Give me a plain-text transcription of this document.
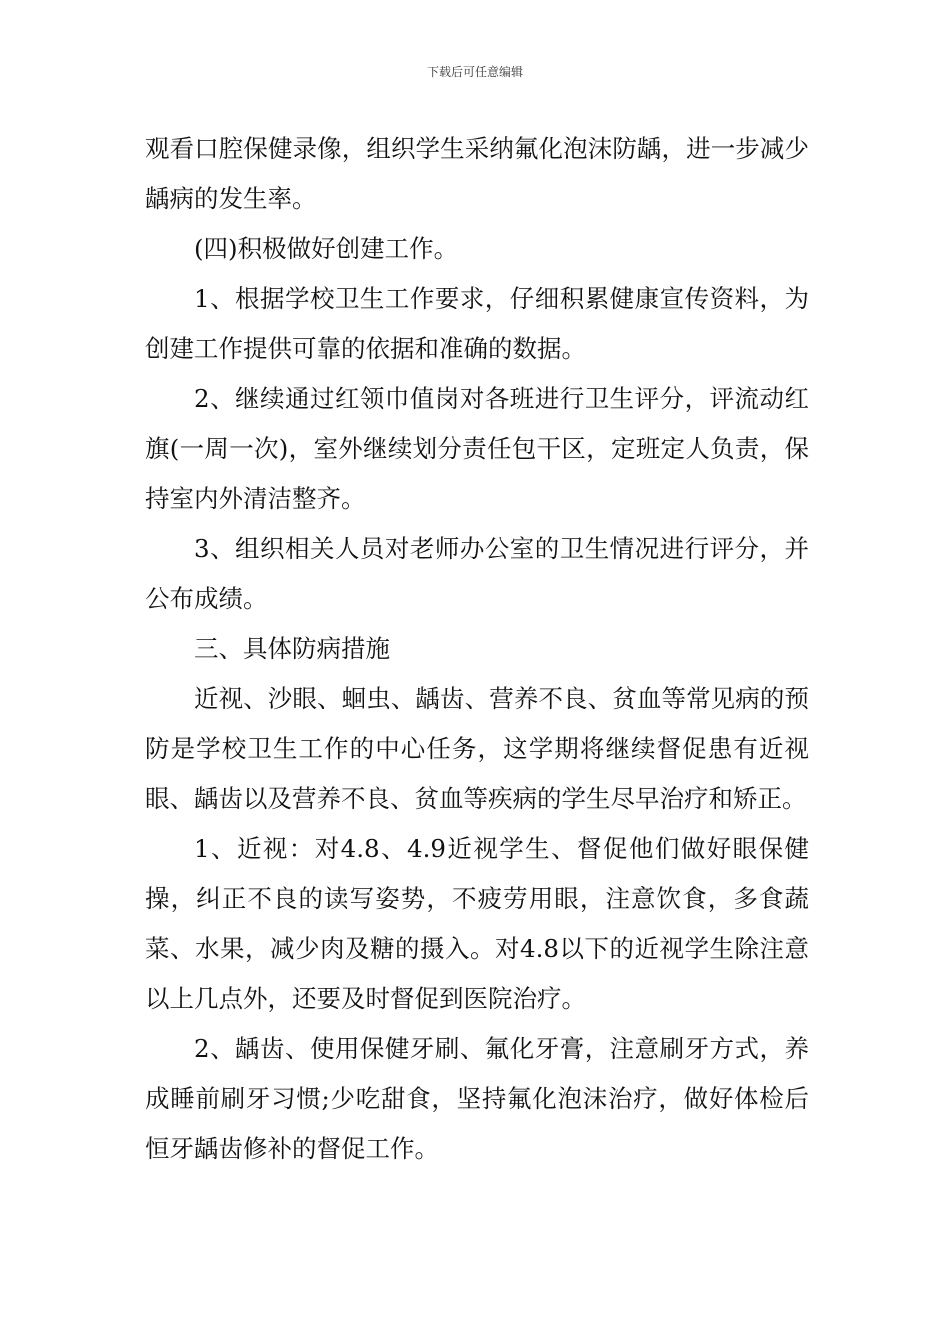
下载后可任意编辑

观看口腔保健录像，组织学生采纳氟化泡沫防龋，进一步减少龋病的发生率。

(四)积极做好创建工作。

1、根据学校卫生工作要求，仔细积累健康宣传资料，为创建工作提供可靠的依据和准确的数据。

2、继续通过红领巾值岗对各班进行卫生评分，评流动红旗(一周一次)，室外继续划分责任包干区，定班定人负责，保持室内外清洁整齐。

3、组织相关人员对老师办公室的卫生情况进行评分，并公布成绩。

三、具体防病措施

近视、沙眼、蛔虫、龋齿、营养不良、贫血等常见病的预防是学校卫生工作的中心任务，这学期将继续督促患有近视眼、龋齿以及营养不良、贫血等疾病的学生尽早治疗和矫正。

1、近视：对4.8、4.9近视学生、督促他们做好眼保健操，纠正不良的读写姿势，不疲劳用眼，注意饮食，多食蔬菜、水果，减少肉及糖的摄入。对4.8以下的近视学生除注意以上几点外，还要及时督促到医院治疗。

2、龋齿、使用保健牙刷、氟化牙膏，注意刷牙方式，养成睡前刷牙习惯;少吃甜食，坚持氟化泡沫治疗，做好体检后恒牙龋齿修补的督促工作。
